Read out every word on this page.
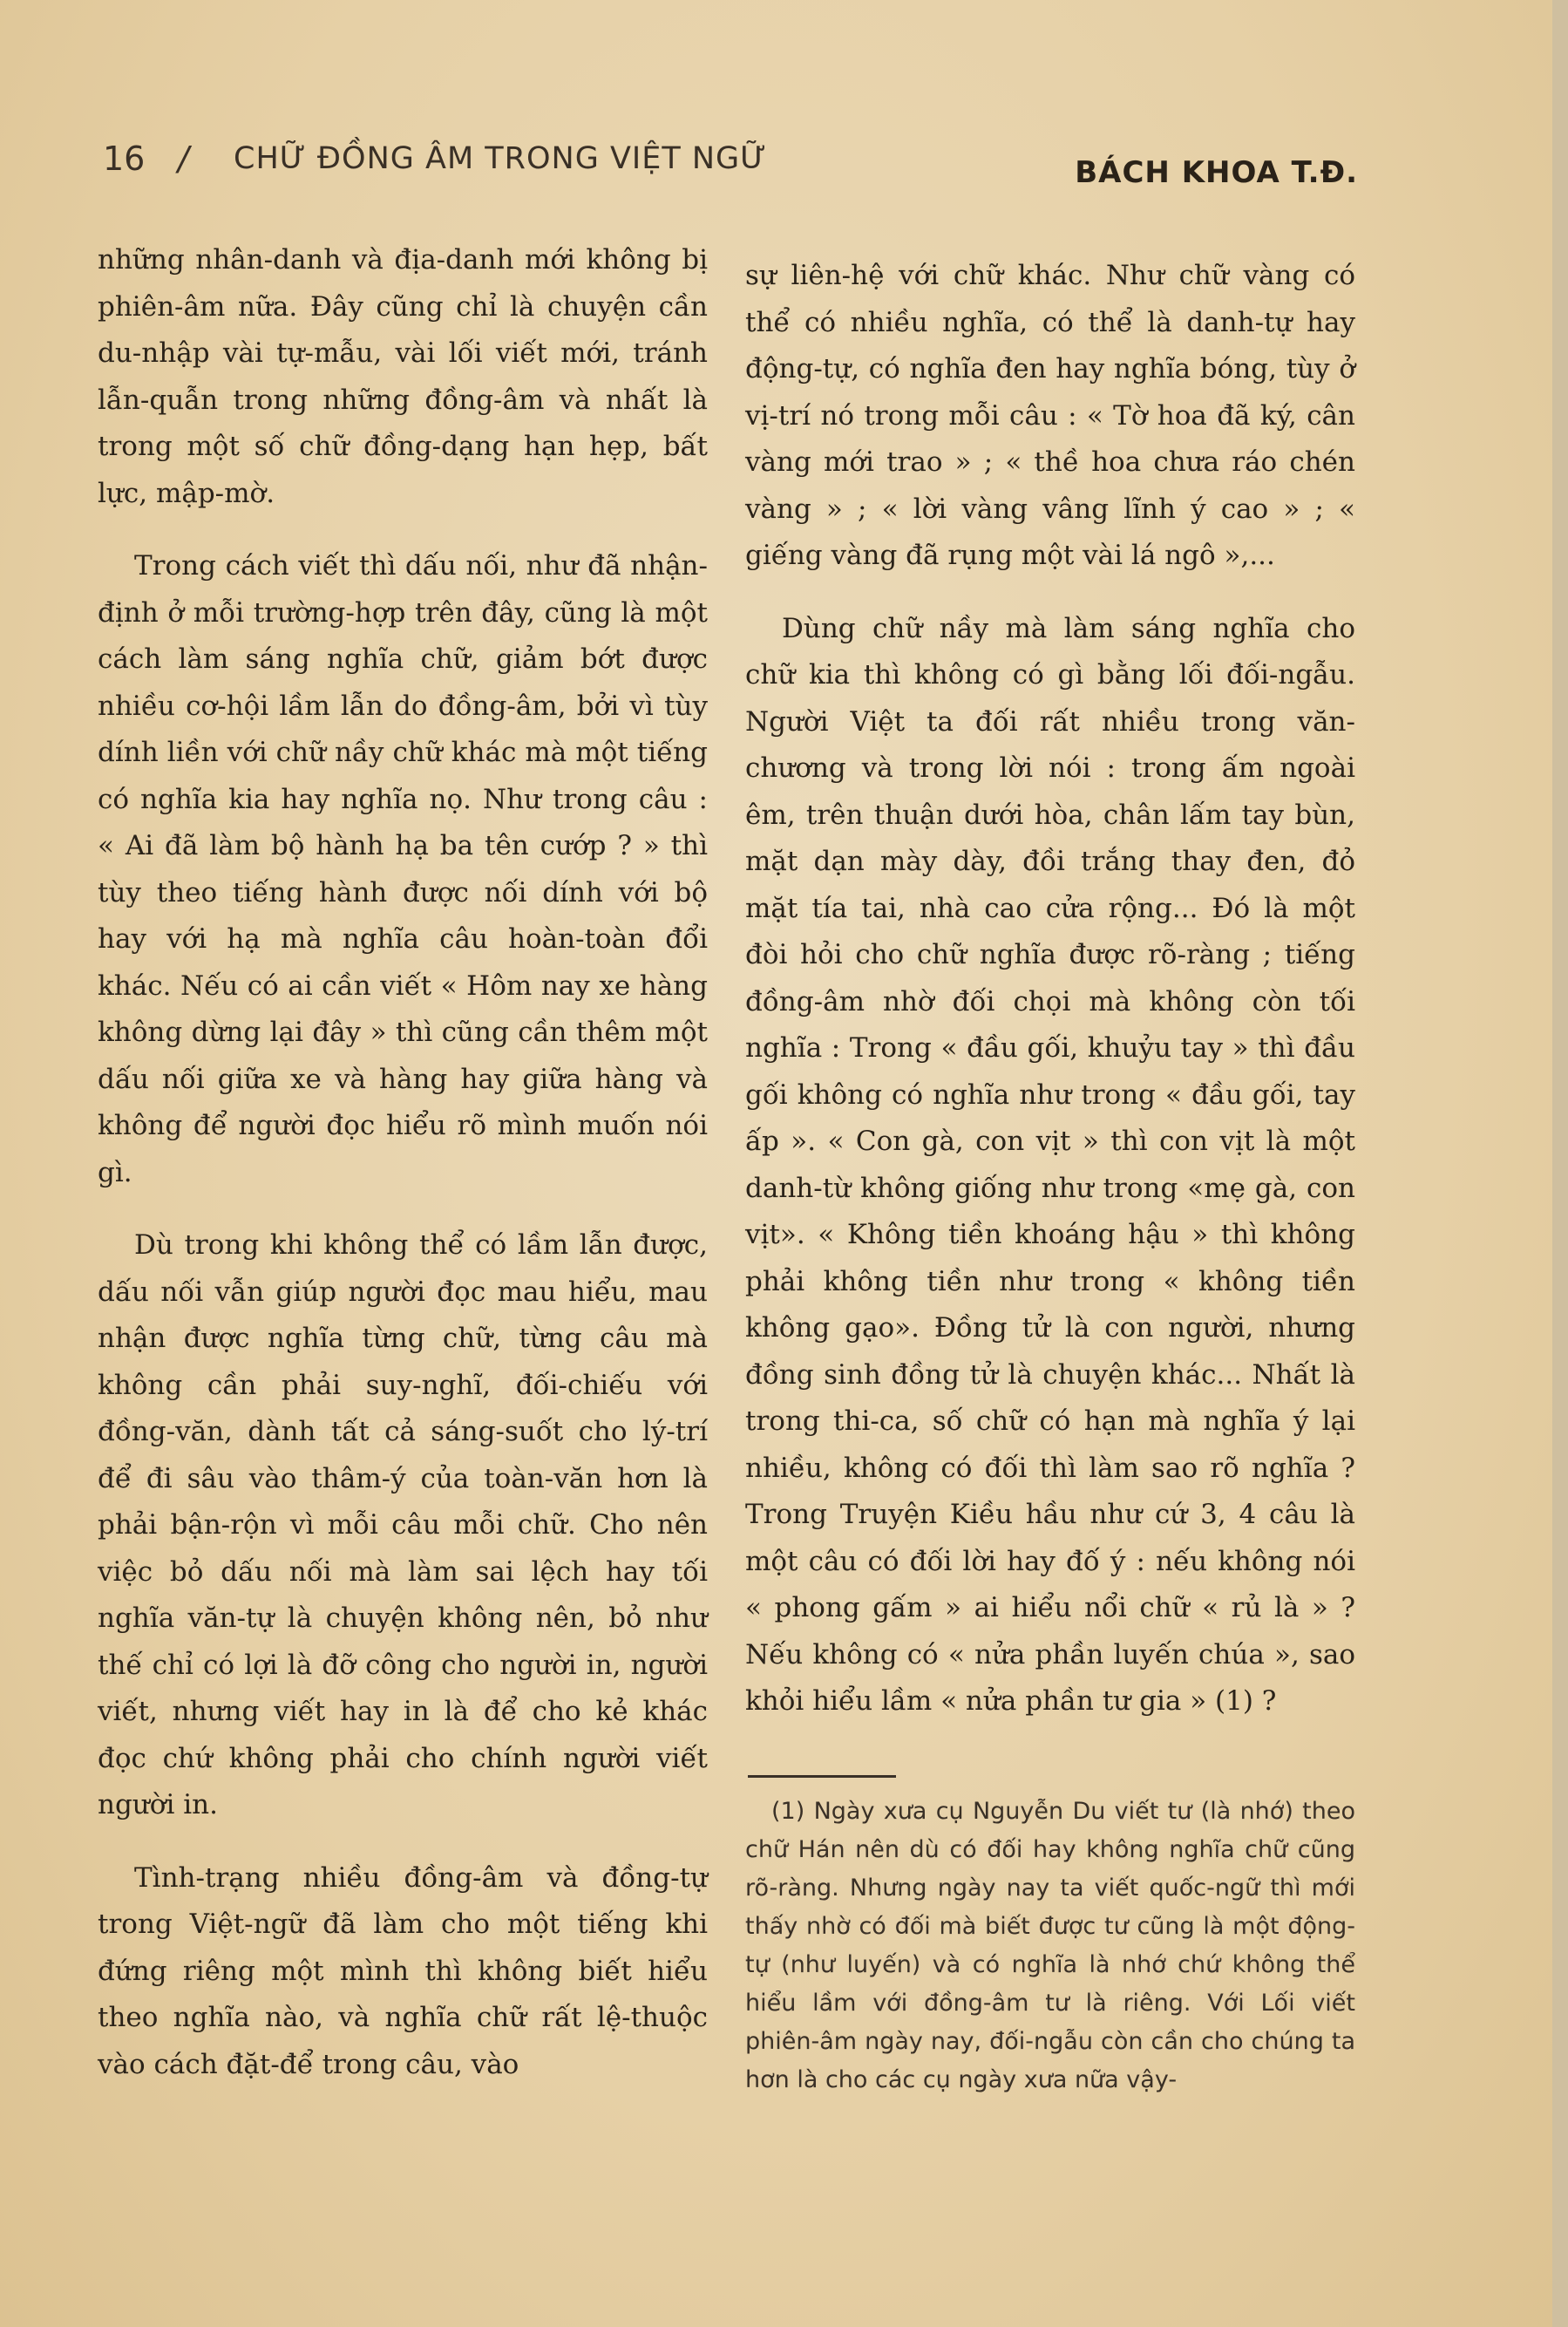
16 / CHỮ ĐỒNG ÂM TRONG VIỆT NGỮ	BÁCH KHOA T.Đ.

những nhân-danh và địa-danh mới không bị phiên-âm nữa. Đây cũng chỉ là chuyện cần du-nhập vài tự-mẫu, vài lối viết mới, tránh lẫn-quẫn trong những đồng-âm và nhất là trong một số chữ đồng-dạng hạn hẹp, bất lực, mập-mờ.

Trong cách viết thì dấu nối, như đã nhận-định ở mỗi trường-hợp trên đây, cũng là một cách làm sáng nghĩa chữ, giảm bớt được nhiều cơ-hội lầm lẫn do đồng-âm, bởi vì tùy dính liền với chữ nầy chữ khác mà một tiếng có nghĩa kia hay nghĩa nọ. Như trong câu : « Ai đã làm bộ hành hạ ba tên cướp ? » thì tùy theo tiếng hành được nối dính với bộ hay với hạ mà nghĩa câu hoàn-toàn đổi khác. Nếu có ai cần viết « Hôm nay xe hàng không dừng lại đây » thì cũng cần thêm một dấu nối giữa xe và hàng hay giữa hàng và không để người đọc hiểu rõ mình muốn nói gì.

Dù trong khi không thể có lầm lẫn được, dấu nối vẫn giúp người đọc mau hiểu, mau nhận được nghĩa từng chữ, từng câu mà không cần phải suy-nghĩ, đối-chiếu với đồng-văn, dành tất cả sáng-suốt cho lý-trí để đi sâu vào thâm-ý của toàn-văn hơn là phải bận-rộn vì mỗi câu mỗi chữ. Cho nên việc bỏ dấu nối mà làm sai lệch hay tối nghĩa văn-tự là chuyện không nên, bỏ như thế chỉ có lợi là đỡ công cho người in, người viết, nhưng viết hay in là để cho kẻ khác đọc chứ không phải cho chính người viết người in.

Tình-trạng nhiều đồng-âm và đồng-tự trong Việt-ngữ đã làm cho một tiếng khi đứng riêng một mình thì không biết hiểu theo nghĩa nào, và nghĩa chữ rất lệ-thuộc vào cách đặt-để trong câu, vào

sự liên-hệ với chữ khác. Như chữ vàng có thể có nhiều nghĩa, có thể là danh-tự hay động-tự, có nghĩa đen hay nghĩa bóng, tùy ở vị-trí nó trong mỗi câu : « Tờ hoa đã ký, cân vàng mới trao » ; « thề hoa chưa ráo chén vàng » ; « lời vàng vâng lĩnh ý cao » ; « giếng vàng đã rụng một vài lá ngô »,...

Dùng chữ nầy mà làm sáng nghĩa cho chữ kia thì không có gì bằng lối đối-ngẫu. Người Việt ta đối rất nhiều trong văn-chương và trong lời nói : trong ấm ngoài êm, trên thuận dưới hòa, chân lấm tay bùn, mặt dạn mày dày, đồi trắng thay đen, đỏ mặt tía tai, nhà cao cửa rộng... Đó là một đòi hỏi cho chữ nghĩa được rõ-ràng ; tiếng đồng-âm nhờ đối chọi mà không còn tối nghĩa : Trong « đầu gối, khuỷu tay » thì đầu gối không có nghĩa như trong « đầu gối, tay ấp ». « Con gà, con vịt » thì con vịt là một danh-từ không giống như trong «mẹ gà, con vịt». « Không tiền khoáng hậu » thì không phải không tiền như trong « không tiền không gạo». Đồng tử là con người, nhưng đồng sinh đồng tử là chuyện khác... Nhất là trong thi-ca, số chữ có hạn mà nghĩa ý lại nhiều, không có đối thì làm sao rõ nghĩa ? Trong Truyện Kiều hầu như cứ 3, 4 câu là một câu có đối lời hay đố ý : nếu không nói « phong gấm » ai hiểu nổi chữ « rủ là » ? Nếu không có « nửa phần luyến chúa », sao khỏi hiểu lầm « nửa phần tư gia » (1) ?

(1) Ngày xưa cụ Nguyễn Du viết tư (là nhớ) theo chữ Hán nên dù có đối hay không nghĩa chữ cũng rõ-ràng. Nhưng ngày nay ta viết quốc-ngữ thì mới thấy nhờ có đối mà biết được tư cũng là một động-tự (như luyến) và có nghĩa là nhớ chứ không thể hiểu lầm với đồng-âm tư là riêng. Với Lối viết phiên-âm ngày nay, đối-ngẫu còn cần cho chúng ta hơn là cho các cụ ngày xưa nữa vậy-
